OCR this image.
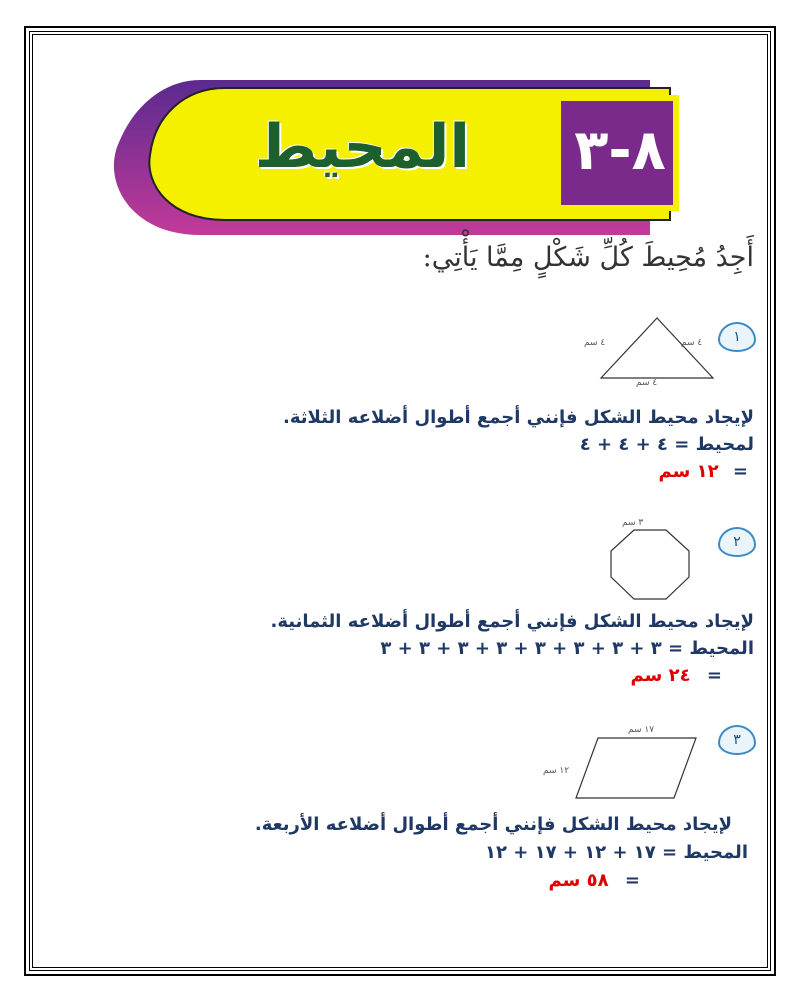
المحيط ٨-٣
أَجِدُ مُحِيطَ كُلِّ شَكْلٍ مِمَّا يَأْتِي:
١
٤ سم	٤ سم
٤ سم
لإيجاد محيط الشكل فإنني أجمع أطوال أضلاعه الثلاثة.
لمحيط = ٤ + ٤ + ٤
= ١٢ سم
٢
٣ سم
لإيجاد محيط الشكل فإنني أجمع أطوال أضلاعه الثمانية.
المحيط = ٣ + ٣ + ٣ + ٣ + ٣ + ٣ + ٣ + ٣
= ٢٤ سم
٣
١٧ سم
١٢ سم
لإيجاد محيط الشكل فإنني أجمع أطوال أضلاعه الأربعة.
المحيط = ١٧ + ١٢ + ١٧ + ١٢
= ٥٨ سم
